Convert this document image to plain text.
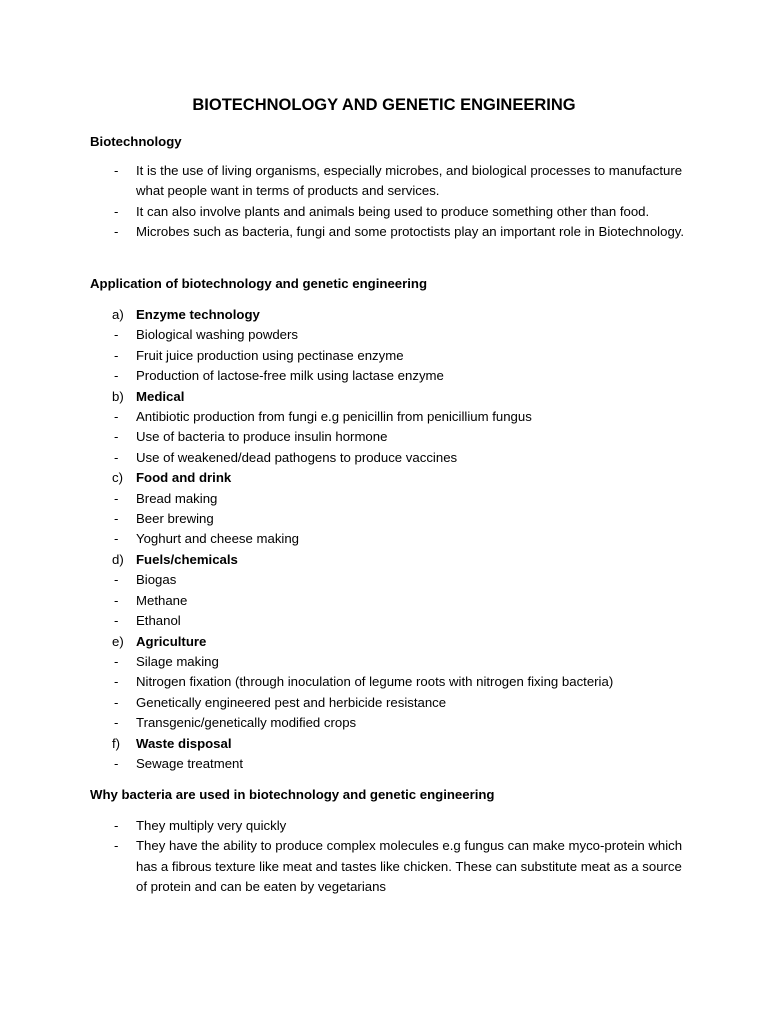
BIOTECHNOLOGY AND GENETIC ENGINEERING
Biotechnology
- It is the use of living organisms, especially microbes, and biological processes to manufacture what people want in terms of products and services.
- It can also involve plants and animals being used to produce something other than food.
- Microbes such as bacteria, fungi and some protoctists play an important role in Biotechnology.
Application of biotechnology and genetic engineering
a) Enzyme technology
- Biological washing powders
- Fruit juice production using pectinase enzyme
- Production of lactose-free milk using lactase enzyme
b) Medical
- Antibiotic production from fungi e.g penicillin from penicillium fungus
- Use of bacteria to produce insulin hormone
- Use of weakened/dead pathogens to produce vaccines
c) Food and drink
- Bread making
- Beer brewing
- Yoghurt and cheese making
d) Fuels/chemicals
- Biogas
- Methane
- Ethanol
e) Agriculture
- Silage making
- Nitrogen fixation (through inoculation of legume roots with nitrogen fixing bacteria)
- Genetically engineered pest and herbicide resistance
- Transgenic/genetically modified crops
f) Waste disposal
- Sewage treatment
Why bacteria are used in biotechnology and genetic engineering
- They multiply very quickly
- They have the ability to produce complex molecules e.g fungus can make myco-protein which has a fibrous texture like meat and tastes like chicken. These can substitute meat as a source of protein and can be eaten by vegetarians
